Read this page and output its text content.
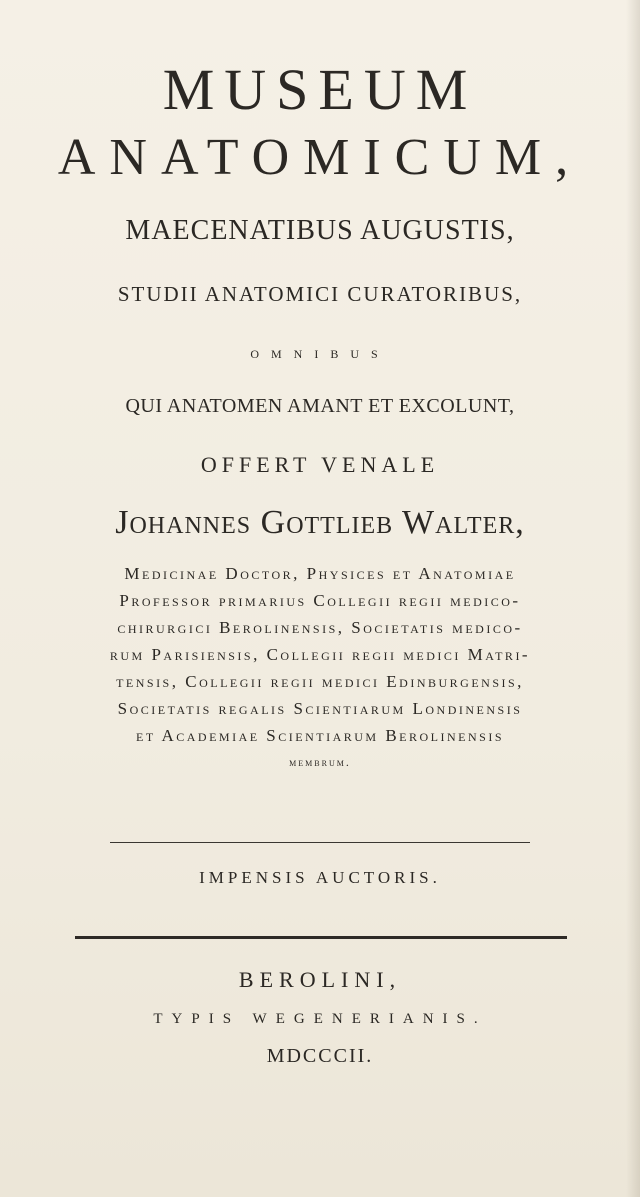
MUSEUM

ANATOMICUM,

MAECENATIBUS AUGUSTIS,

STUDII ANATOMICI CURATORIBUS,

OMNIBUS

QUI ANATOMEN AMANT ET EXCOLUNT,

OFFERT VENALE

Johannes Gottlieb Walter,

Medicinae Doctor, Physices et Anatomiae
Professor primarius Collegii regii medico-
chirurgici Berolinensis, Societatis medico-
rum Parisiensis, Collegii regii medici Matri-
tensis, Collegii regii medici Edinburgensis,
Societatis regalis Scientiarum Londinensis
et Academiae Scientiarum Berolinensis
membrum.

IMPENSIS AUCTORIS.

BEROLINI,

TYPIS WEGENERIANIS.

MDCCCII.
